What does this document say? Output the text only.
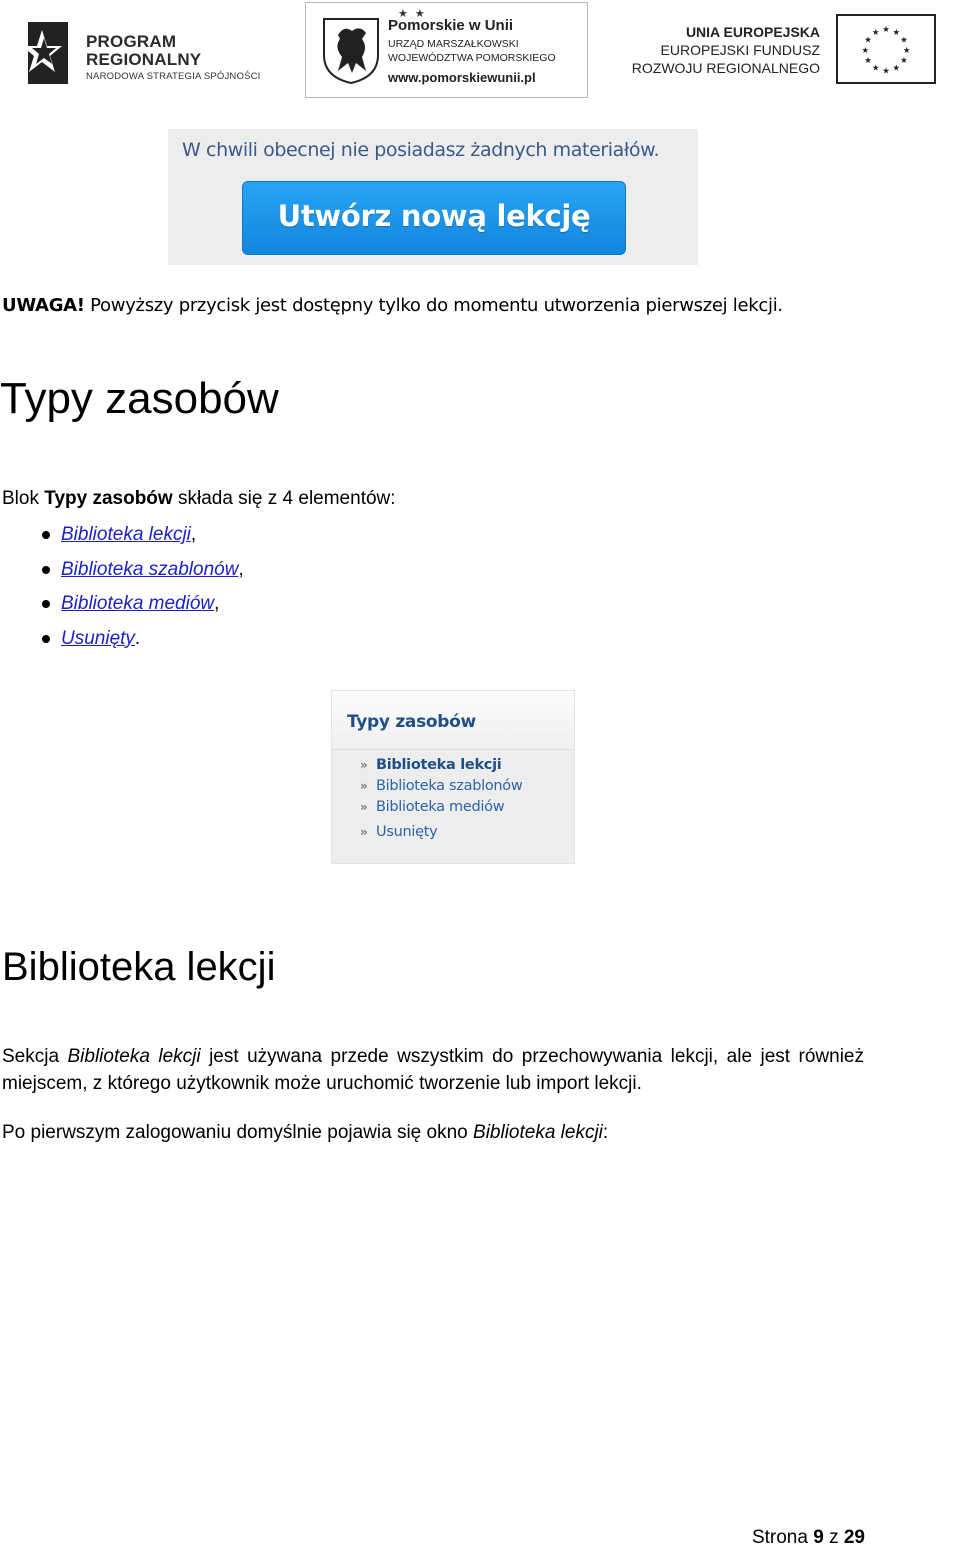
PROGRAM
REGIONALNY
NARODOWA STRATEGIA SPÓJNOŚCI
★ ★
Pomorskie w Unii
URZĄD MARSZAŁKOWSKI
WOJEWÓDZTWA POMORSKIEGO
www.pomorskiewunii.pl
UNIA EUROPEJSKA
EUROPEJSKI FUNDUSZ
ROZWOJU REGIONALNEGO
★ ★
★
★
★
★
★
★
★
★
★
★
W chwili obecnej nie posiadasz żadnych materiałów.
Utwórz nową lekcję
UWAGA! Powyższy przycisk jest dostępny tylko do momentu utworzenia pierwszej lekcji.
Typy zasobów
Blok Typy zasobów składa się z 4 elementów:
Biblioteka lekcji,
Biblioteka szablonów,
Biblioteka mediów,
Usunięty.
Typy zasobów
» Biblioteka lekcji
» Biblioteka szablonów
» Biblioteka mediów
» Usunięty
Biblioteka lekcji
Sekcja Biblioteka lekcji jest używana przede wszystkim do przechowywania lekcji, ale jest również miejscem, z którego użytkownik może uruchomić tworzenie lub import lekcji.
Po pierwszym zalogowaniu domyślnie pojawia się okno Biblioteka lekcji:
Strona 9 z 29
